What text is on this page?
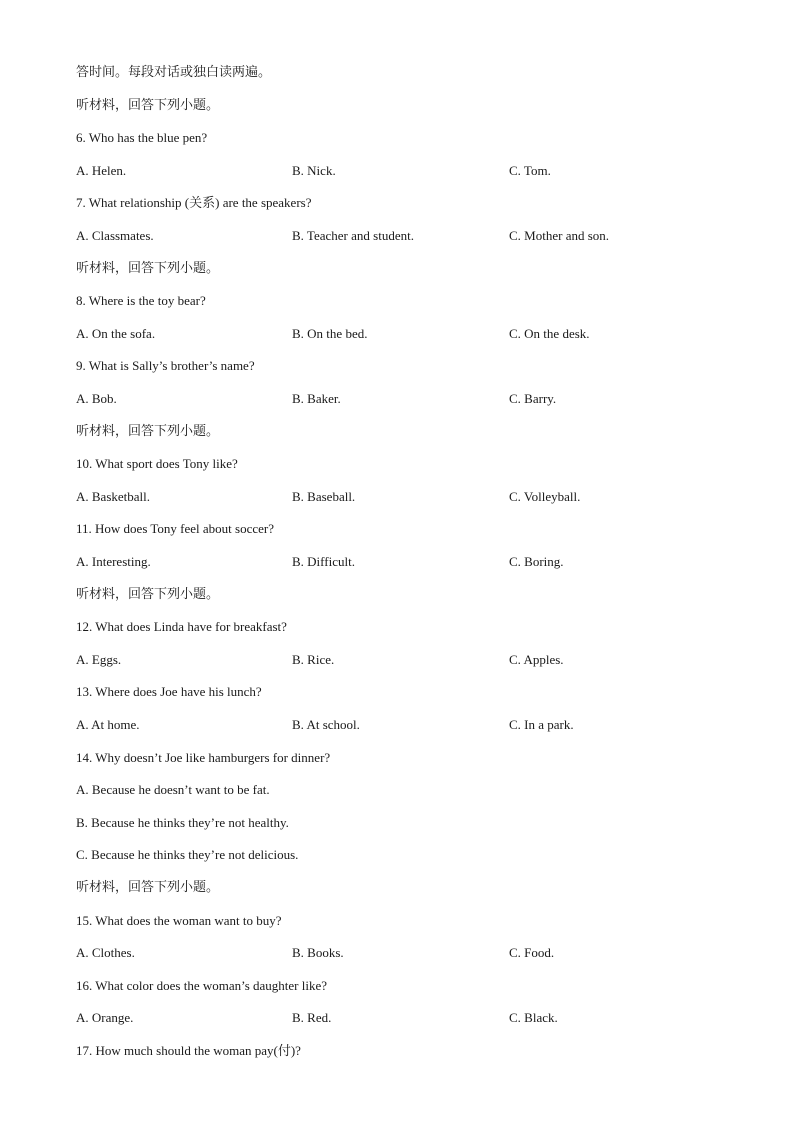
答时间。每段对话或独白读两遍。
听材料，回答下列小题。
6. Who has the blue pen?
A. Helen.	B. Nick.	C. Tom.
7. What relationship (关系) are the speakers?
A. Classmates.	B. Teacher and student.	C. Mother and son.
听材料，回答下列小题。
8. Where is the toy bear?
A. On the sofa.	B. On the bed.	C. On the desk.
9. What is Sally’s brother’s name?
A. Bob.	B. Baker.	C. Barry.
听材料，回答下列小题。
10. What sport does Tony like?
A. Basketball.	B. Baseball.	C. Volleyball.
11. How does Tony feel about soccer?
A. Interesting.	B. Difficult.	C. Boring.
听材料，回答下列小题。
12. What does Linda have for breakfast?
A. Eggs.	B. Rice.	C. Apples.
13. Where does Joe have his lunch?
A. At home.	B. At school.	C. In a park.
14. Why doesn’t Joe like hamburgers for dinner?
A. Because he doesn’t want to be fat.
B. Because he thinks they’re not healthy.
C. Because he thinks they’re not delicious.
听材料，回答下列小题。
15. What does the woman want to buy?
A. Clothes.	B. Books.	C. Food.
16. What color does the woman’s daughter like?
A. Orange.	B. Red.	C. Black.
17. How much should the woman pay(付)?
